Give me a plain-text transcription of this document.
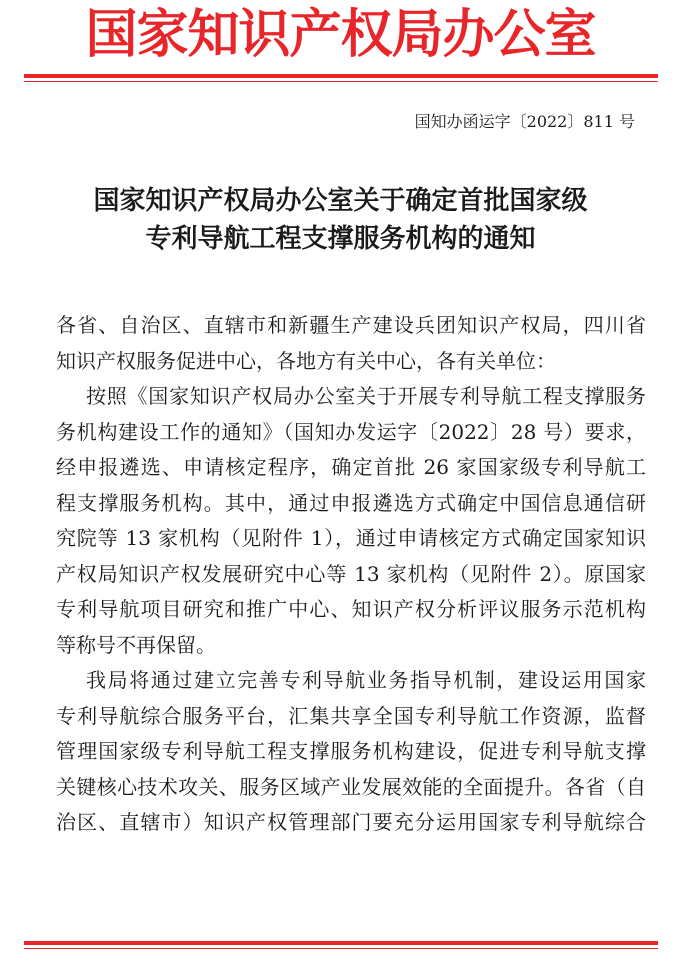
国家知识产权局办公室
国知办函运字〔2022〕811 号
国家知识产权局办公室关于确定首批国家级
专利导航工程支撑服务机构的通知
各省、自治区、直辖市和新疆生产建设兵团知识产权局，四川省
知识产权服务促进中心，各地方有关中心，各有关单位：
按照《国家知识产权局办公室关于开展专利导航工程支撑服务
务机构建设工作的通知》（国知办发运字〔2022〕28 号）要求，
经申报遴选、申请核定程序，确定首批 26 家国家级专利导航工
程支撑服务机构。其中，通过申报遴选方式确定中国信息通信研
究院等 13 家机构（见附件 1），通过申请核定方式确定国家知识
产权局知识产权发展研究中心等 13 家机构（见附件 2）。原国家
专利导航项目研究和推广中心、知识产权分析评议服务示范机构
等称号不再保留。
我局将通过建立完善专利导航业务指导机制，建设运用国家
专利导航综合服务平台，汇集共享全国专利导航工作资源，监督
管理国家级专利导航工程支撑服务机构建设，促进专利导航支撑
关键核心技术攻关、服务区域产业发展效能的全面提升。各省（自
治区、直辖市）知识产权管理部门要充分运用国家专利导航综合
